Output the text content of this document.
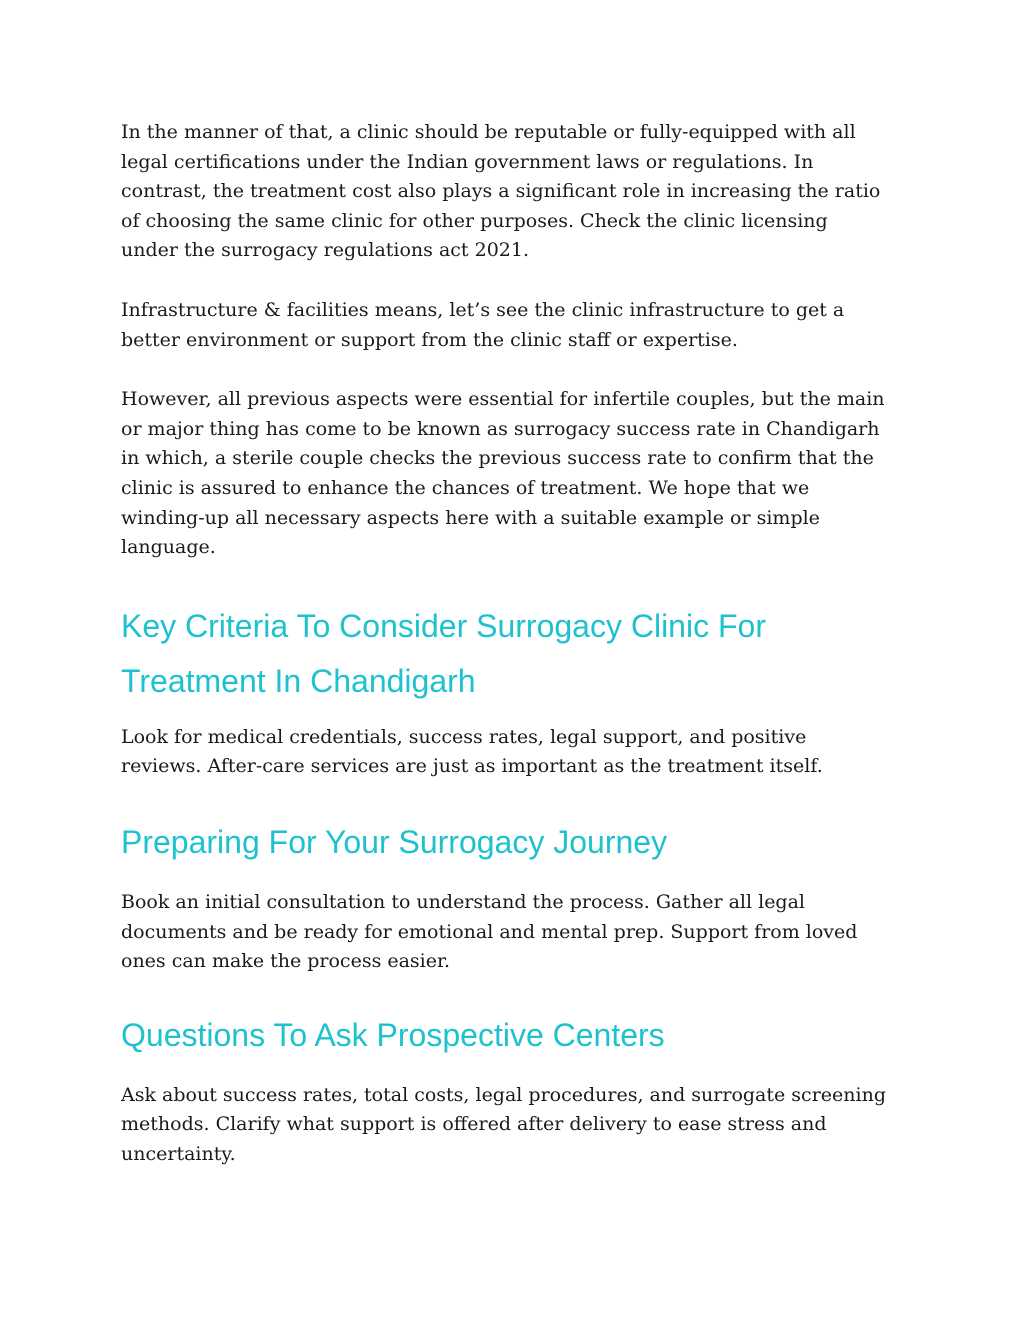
In the manner of that, a clinic should be reputable or fully-equipped with all
legal certifications under the Indian government laws or regulations. In
contrast, the treatment cost also plays a significant role in increasing the ratio
of choosing the same clinic for other purposes. Check the clinic licensing
under the surrogacy regulations act 2021.

Infrastructure & facilities means, let’s see the clinic infrastructure to get a
better environment or support from the clinic staff or expertise.

However, all previous aspects were essential for infertile couples, but the main
or major thing has come to be known as surrogacy success rate in Chandigarh
in which, a sterile couple checks the previous success rate to confirm that the
clinic is assured to enhance the chances of treatment. We hope that we
winding-up all necessary aspects here with a suitable example or simple
language.

Key Criteria To Consider Surrogacy Clinic For
Treatment In Chandigarh

Look for medical credentials, success rates, legal support, and positive
reviews. After-care services are just as important as the treatment itself.

Preparing For Your Surrogacy Journey

Book an initial consultation to understand the process. Gather all legal
documents and be ready for emotional and mental prep. Support from loved
ones can make the process easier.

Questions To Ask Prospective Centers

Ask about success rates, total costs, legal procedures, and surrogate screening
methods. Clarify what support is offered after delivery to ease stress and
uncertainty.
